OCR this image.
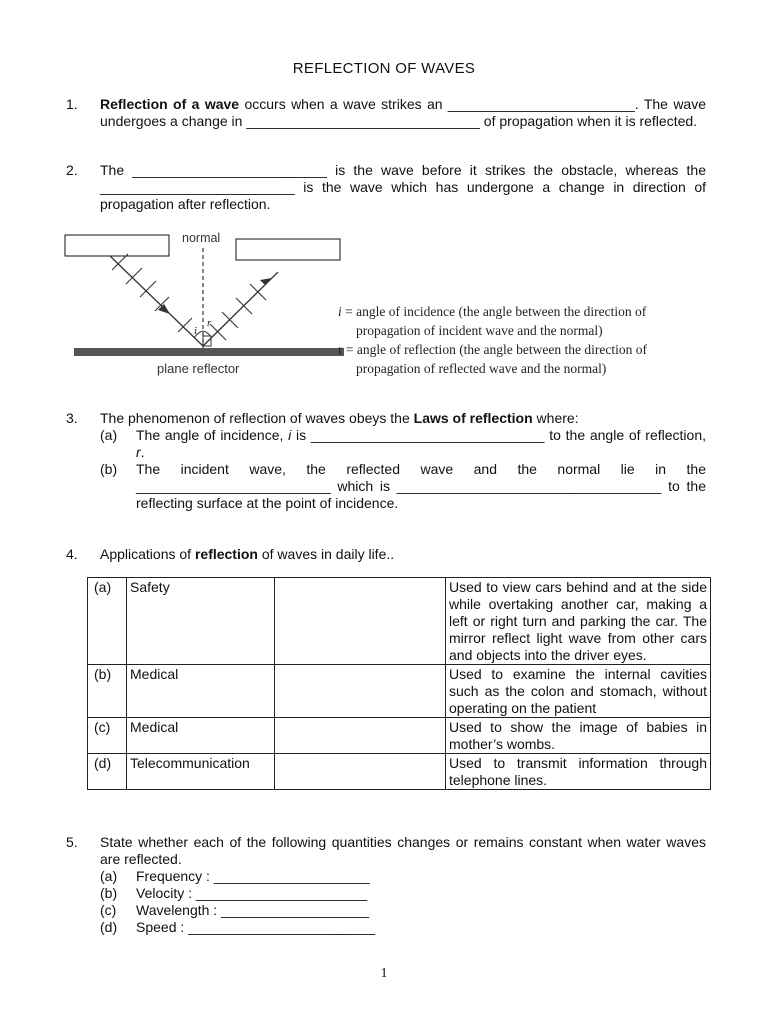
REFLECTION OF WAVES
1. Reflection of a wave occurs when a wave strikes an ________________________. The wave undergoes a change in ______________________________ of propagation when it is reflected.
2. The _________________________ is the wave before it strikes the obstacle, whereas the _________________________ is the wave which has undergone a change in direction of propagation after reflection.
normal
i
r
plane reflector
i = angle of incidence (the angle between the direction of
propagation of incident wave and the normal)
r = angle of reflection (the angle between the direction of
propagation of reflected wave and the normal)
3. The phenomenon of reflection of waves obeys the Laws of reflection where:
(a) The angle of incidence, i is ______________________________ to the angle of reflection, r.
(b) The incident wave, the reflected wave and the normal lie in the _________________________ which is __________________________________ to the reflecting surface at the point of incidence.
4. Applications of reflection of waves in daily life..
(a)	Safety		Used to view cars behind and at the side while overtaking another car, making a left or right turn and parking the car. The mirror reflect light wave from other cars and objects into the driver eyes.
(b)	Medical		Used to examine the internal cavities such as the colon and stomach, without operating on the patient
(c)	Medical		Used to show the image of babies in mother’s wombs.
(d)	Telecommunication		Used to transmit information through telephone lines.
5. State whether each of the following quantities changes or remains constant when water waves are reflected.
(a) Frequency : ____________________
(b) Velocity : ______________________
(c) Wavelength : ___________________
(d) Speed : ________________________
1
